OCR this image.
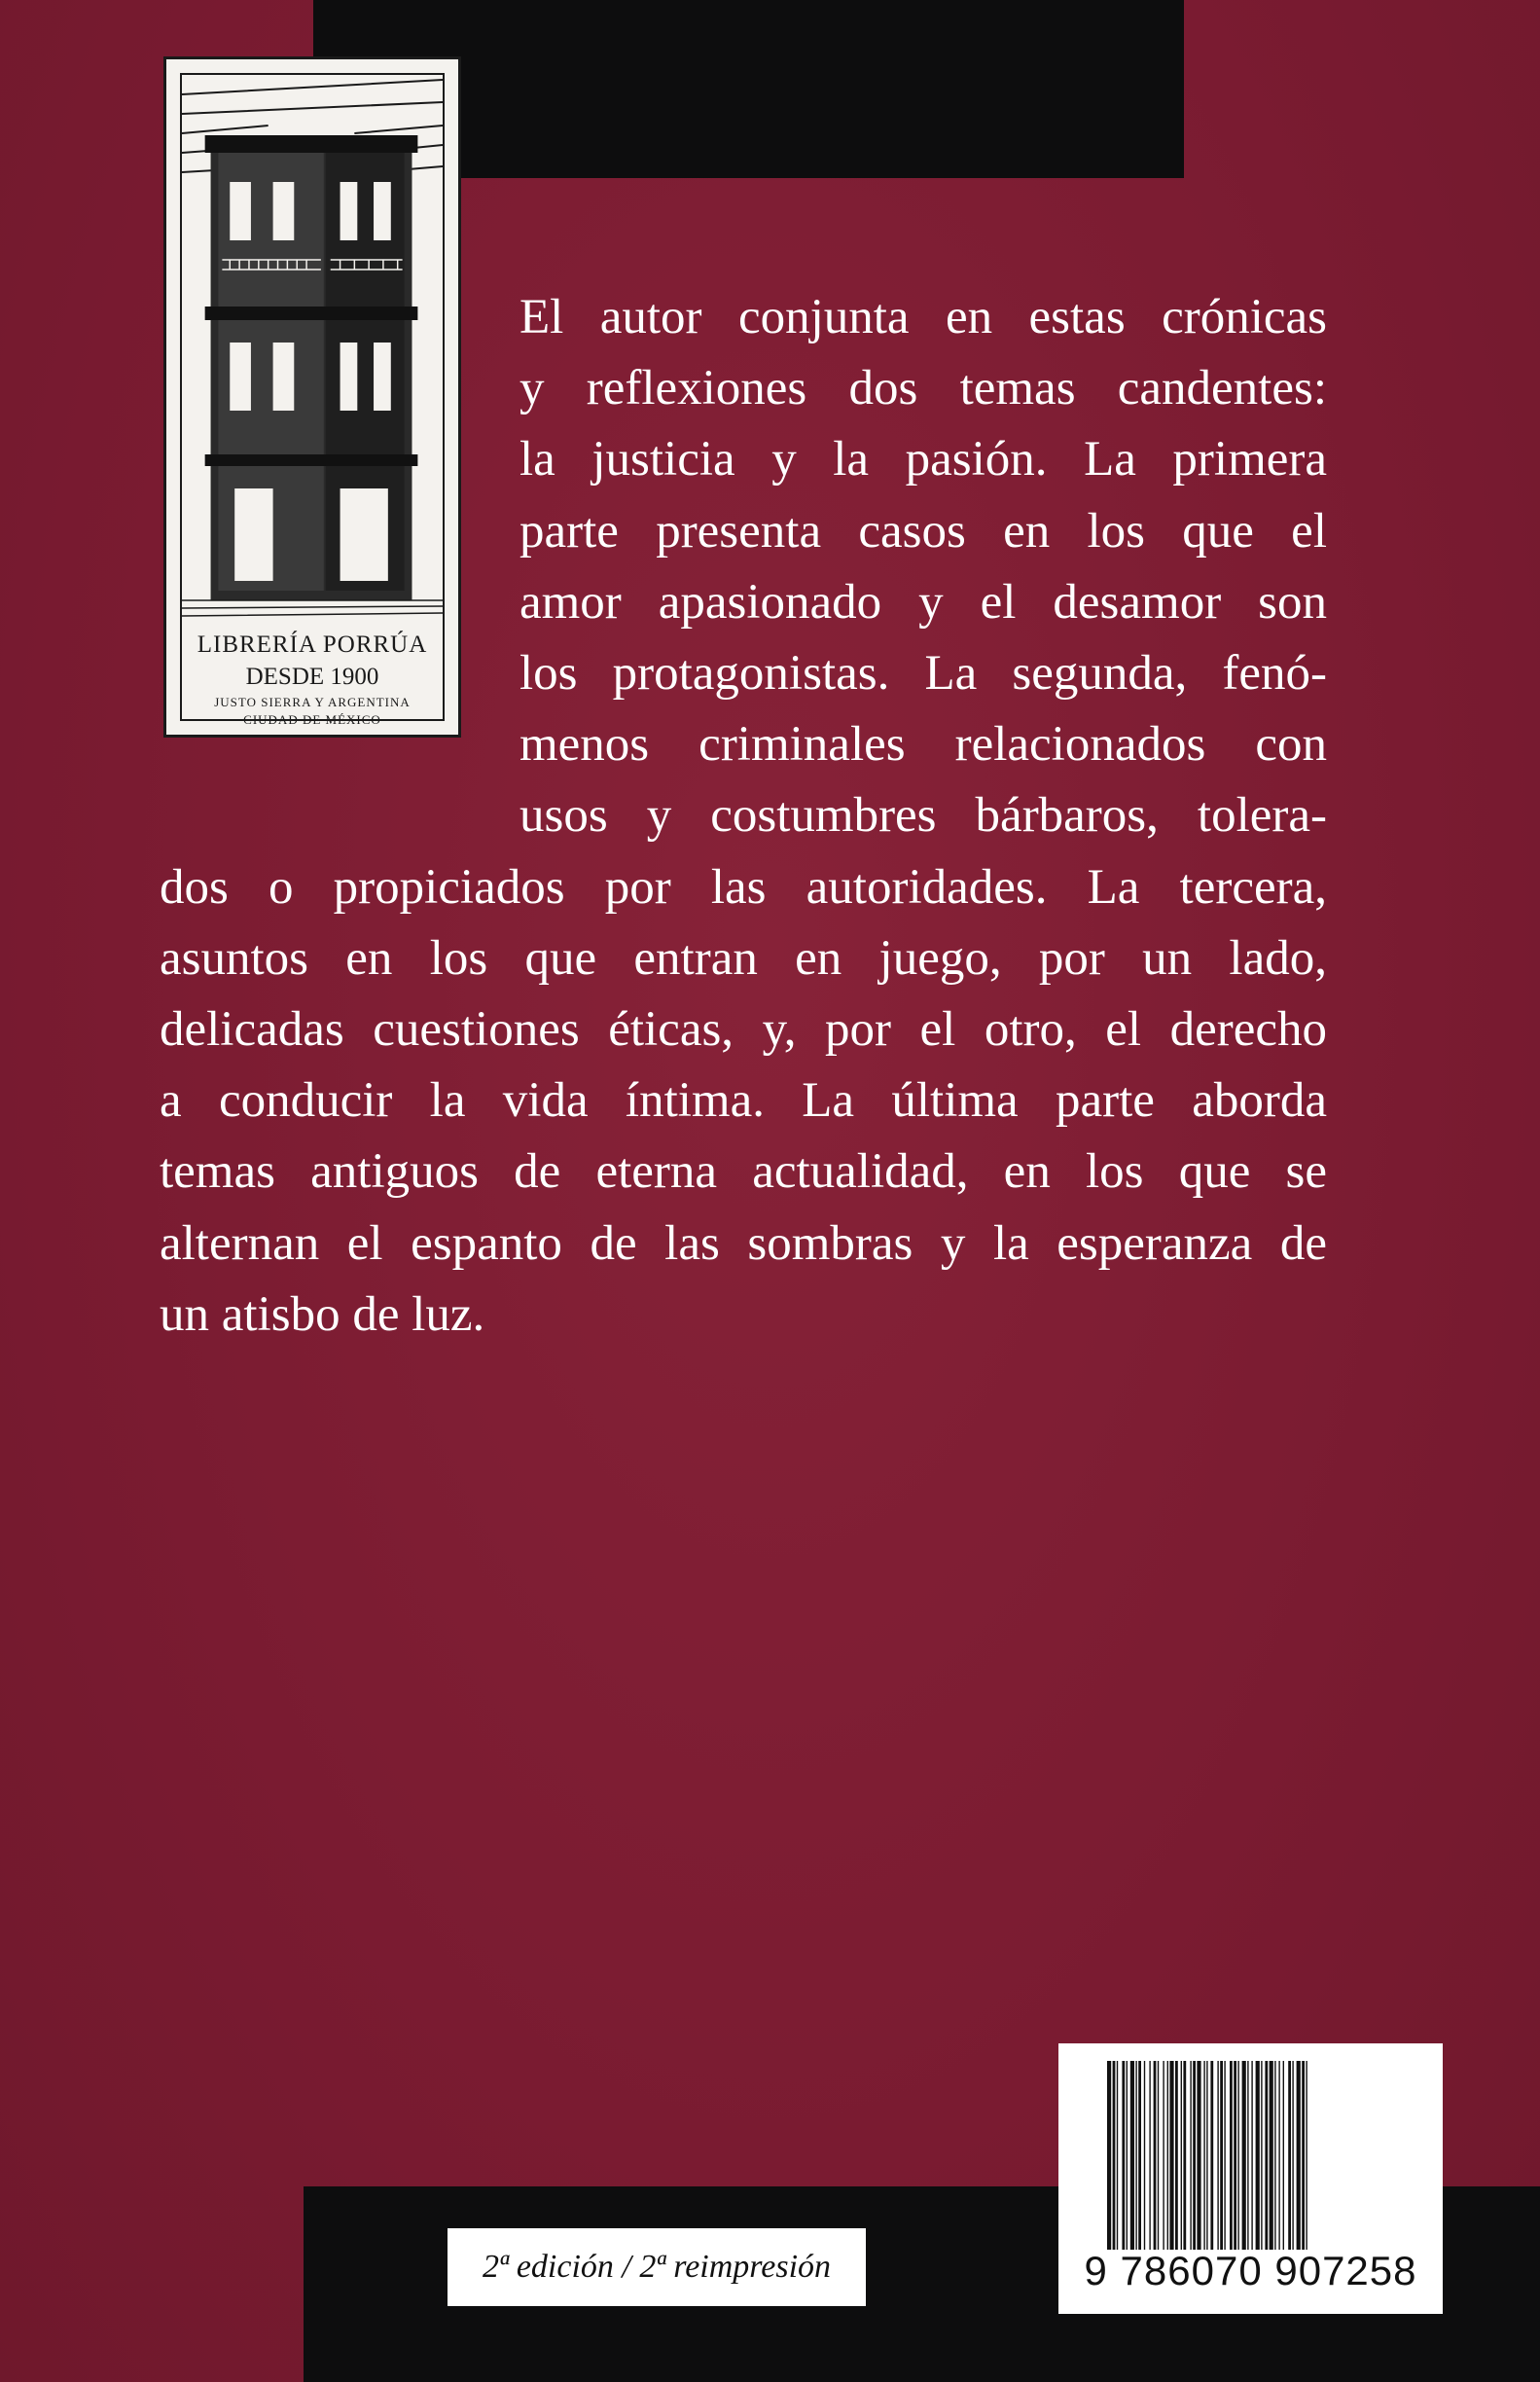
LIBRERÍA PORRÚA
DESDE 1900
JUSTO SIERRA Y ARGENTINA
CIUDAD DE MÉXICO
El autor conjunta en estas crónicas
y reflexiones dos temas candentes:
la justicia y la pasión. La primera
parte presenta casos en los que el
amor apasionado y el desamor son
los protagonistas. La segunda, fenó-
menos criminales relacionados con
usos y costumbres bárbaros, tolera-
dos o propiciados por las autoridades. La tercera,
asuntos en los que entran en juego, por un lado,
delicadas cuestiones éticas, y, por el otro, el derecho
a conducir la vida íntima. La última parte aborda
temas antiguos de eterna actualidad, en los que se
alternan el espanto de las sombras y la esperanza de
un atisbo de luz.
2ª edición / 2ª reimpresión	9 786070 907258
